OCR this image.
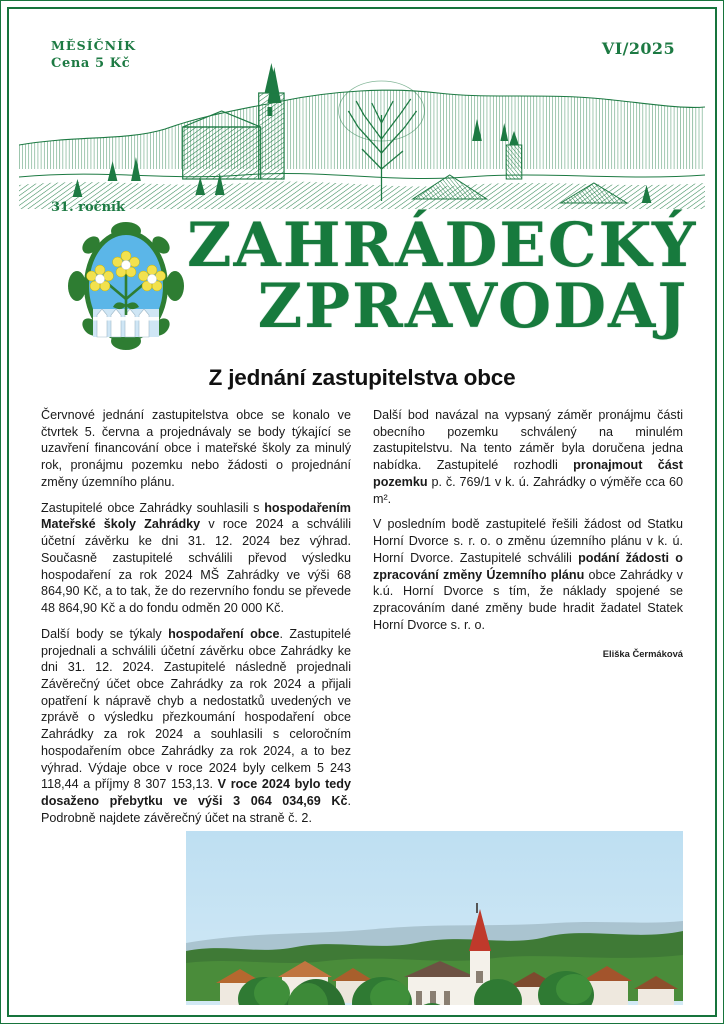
MĚSÍČNÍK
Cena 5 Kč
VI/2025
31. ročník
ZAHRÁDECKÝ
ZPRAVODAJ
Z jednání zastupitelstva obce

Červnové jednání zastupitelstva obce se konalo ve čtvrtek 5. června a projednávaly se body týkající se uzavření financování obce i mateřské školy za minulý rok, pronájmu pozemku nebo žádosti o projednání změny územního plánu.

Zastupitelé obce Zahrádky souhlasili s hospodařením Mateřské školy Zahrádky v roce 2024 a schválili účetní závěrku ke dni 31. 12. 2024 bez výhrad. Současně zastupitelé schválili převod výsledku hospodaření za rok 2024 MŠ Zahrádky ve výši 68 864,90 Kč, a to tak, že do rezervního fondu se převede 48 864,90 Kč a do fondu odměn 20 000 Kč.

Další body se týkaly hospodaření obce. Zastupitelé projednali a schválili účetní závěrku obce Zahrádky ke dni 31. 12. 2024. Zastupitelé následně projednali Závěrečný účet obce Zahrádky za rok 2024 a přijali opatření k nápravě chyb a nedostatků uvedených ve zprávě o výsledku přezkoumání hospodaření obce Zahrádky za rok 2024 a souhlasili s celoročním hospodařením obce Zahrádky za rok 2024, a to bez výhrad. Výdaje obce v roce 2024 byly celkem 5 243 118,44 a příjmy 8 307 153,13. V roce 2024 bylo tedy dosaženo přebytku ve výši 3 064 034,69 Kč. Podrobně najdete závěrečný účet na straně č. 2.

Další bod navázal na vypsaný záměr pronájmu části obecního pozemku schválený na minulém zastupitelstvu. Na tento záměr byla doručena jedna nabídka. Zastupitelé rozhodli pronajmout část pozemku p. č. 769/1 v k. ú. Zahrádky o výměře cca 60 m².

V posledním bodě zastupitelé řešili žádost od Statku Horní Dvorce s. r. o. o změnu územního plánu v k. ú. Horní Dvorce. Zastupitelé schválili podání žádosti o zpracování změny Územního plánu obce Zahrádky v k.ú. Horní Dvorce s tím, že náklady spojené se zpracováním dané změny bude hradit žadatel Statek Horní Dvorce s. r. o.

Eliška Čermáková
